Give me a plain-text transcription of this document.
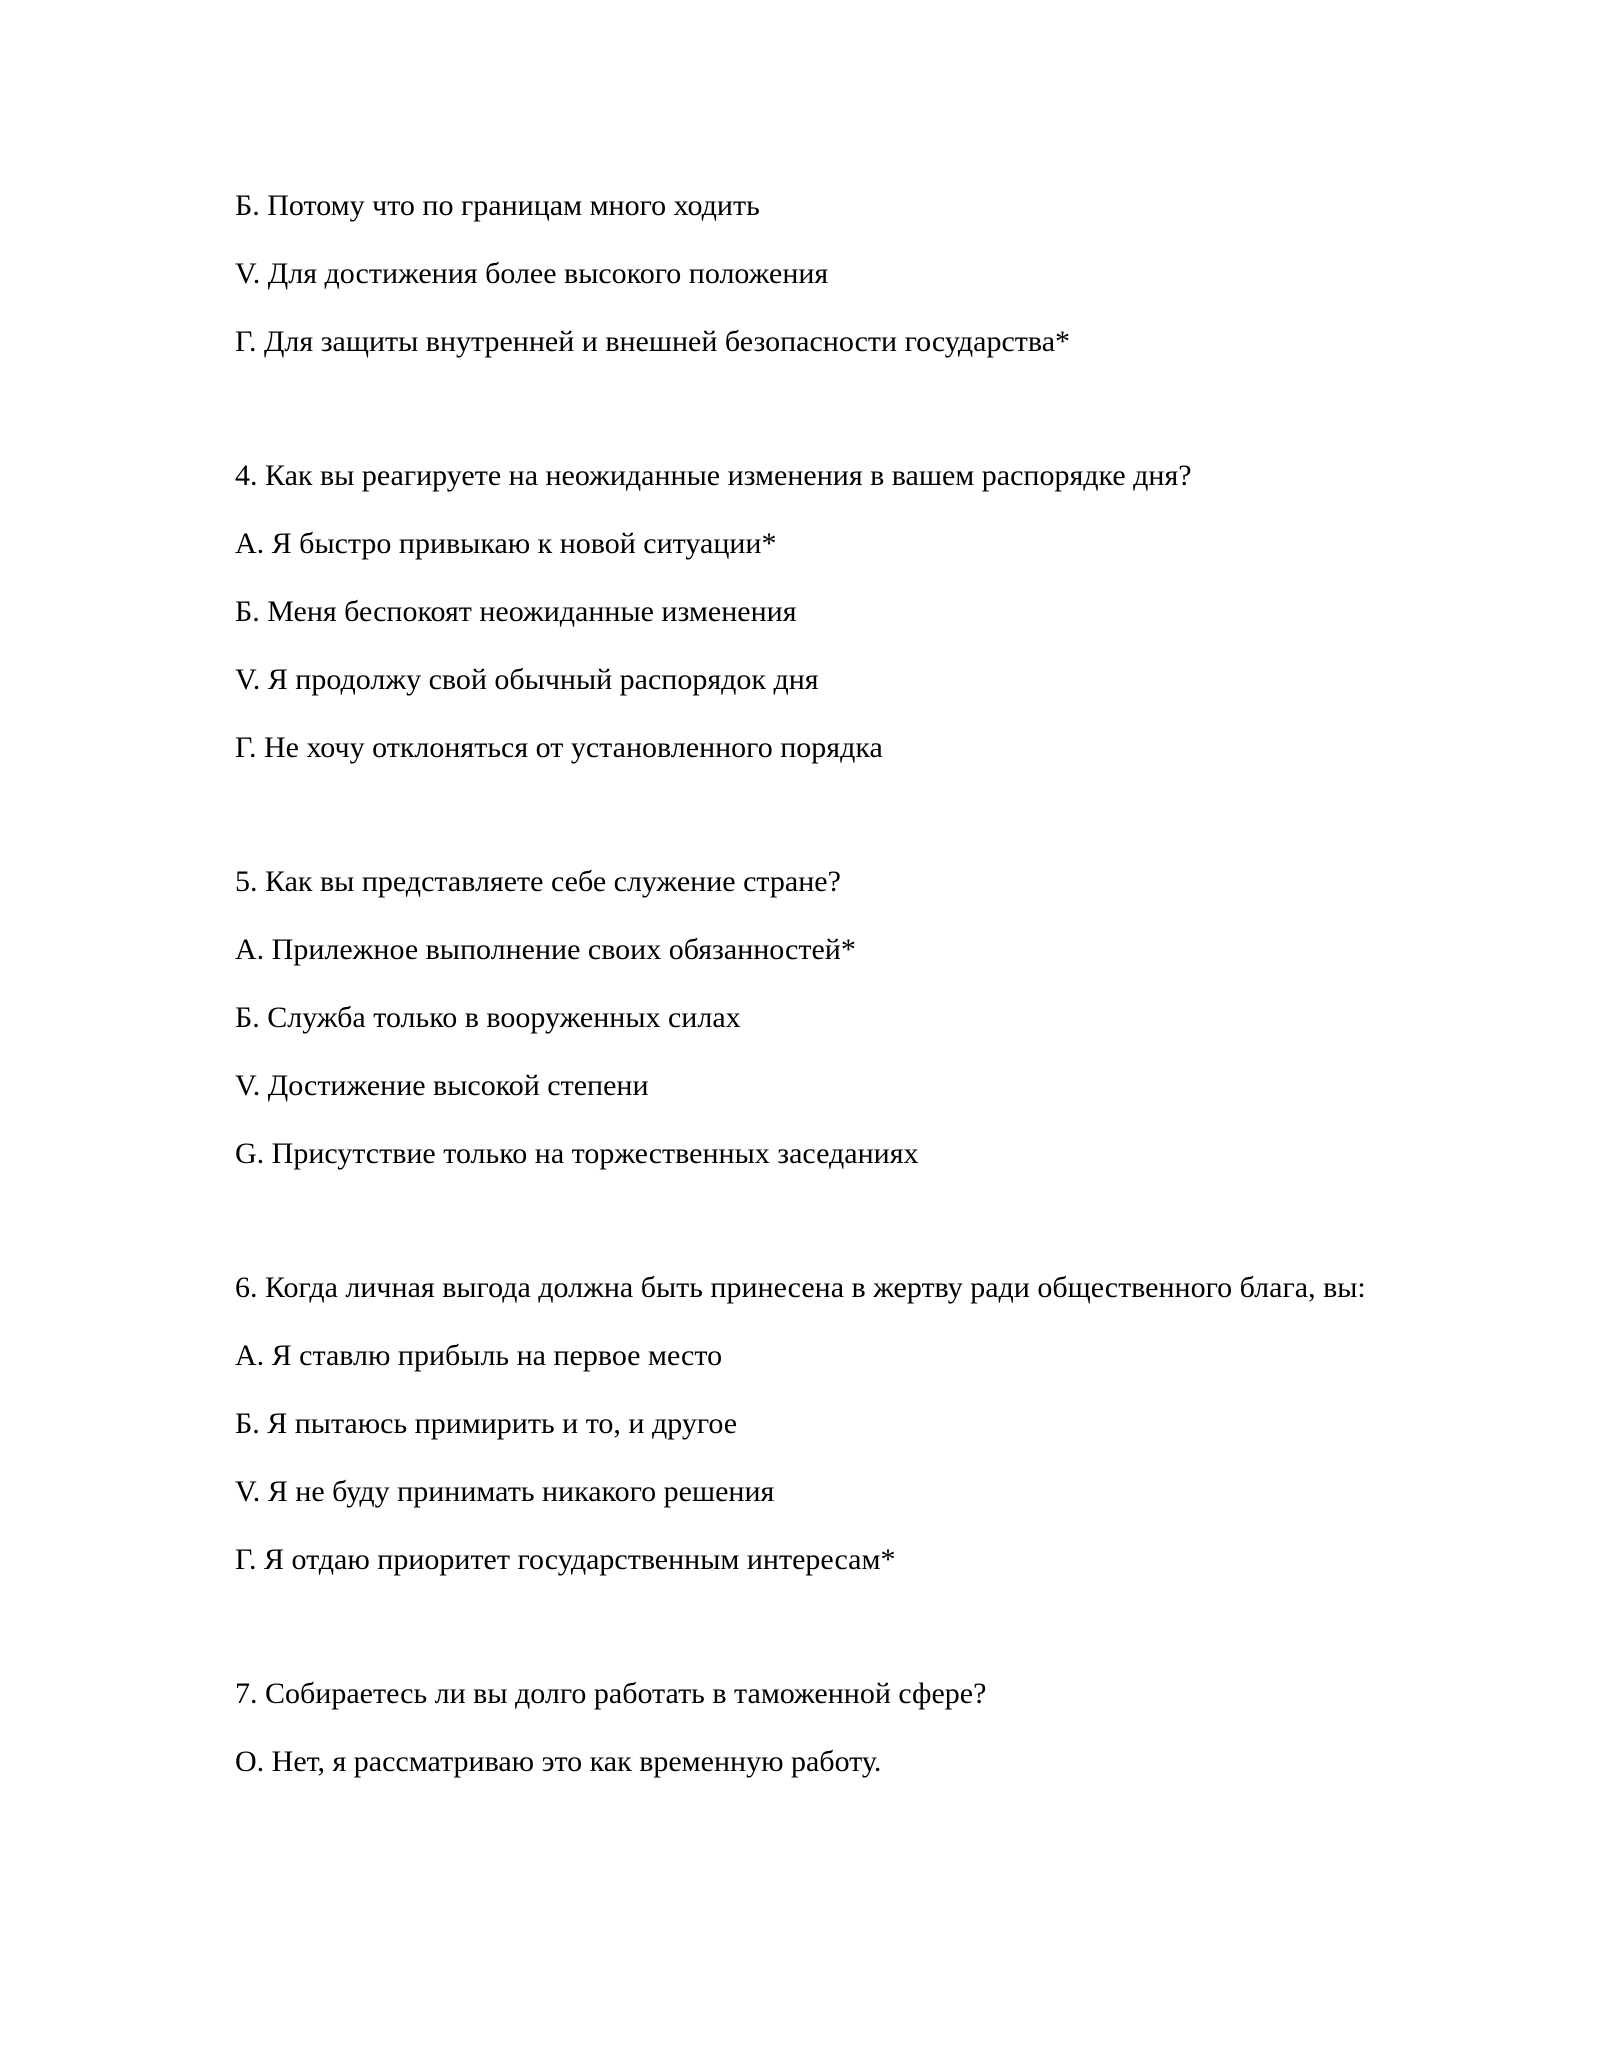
Б. Потому что по границам много ходить

V. Для достижения более высокого положения

Г. Для защиты внутренней и внешней безопасности государства*

4. Как вы реагируете на неожиданные изменения в вашем распорядке дня?

А. Я быстро привыкаю к новой ситуации*

Б. Меня беспокоят неожиданные изменения

V. Я продолжу свой обычный распорядок дня

Г. Не хочу отклоняться от установленного порядка

5. Как вы представляете себе служение стране?

А. Прилежное выполнение своих обязанностей*

Б. Служба только в вооруженных силах

V. Достижение высокой степени

G. Присутствие только на торжественных заседаниях

6. Когда личная выгода должна быть принесена в жертву ради общественного блага, вы:

А. Я ставлю прибыль на первое место

Б. Я пытаюсь примирить и то, и другое

V. Я не буду принимать никакого решения

Г. Я отдаю приоритет государственным интересам*

7. Собираетесь ли вы долго работать в таможенной сфере?

О. Нет, я рассматриваю это как временную работу.
